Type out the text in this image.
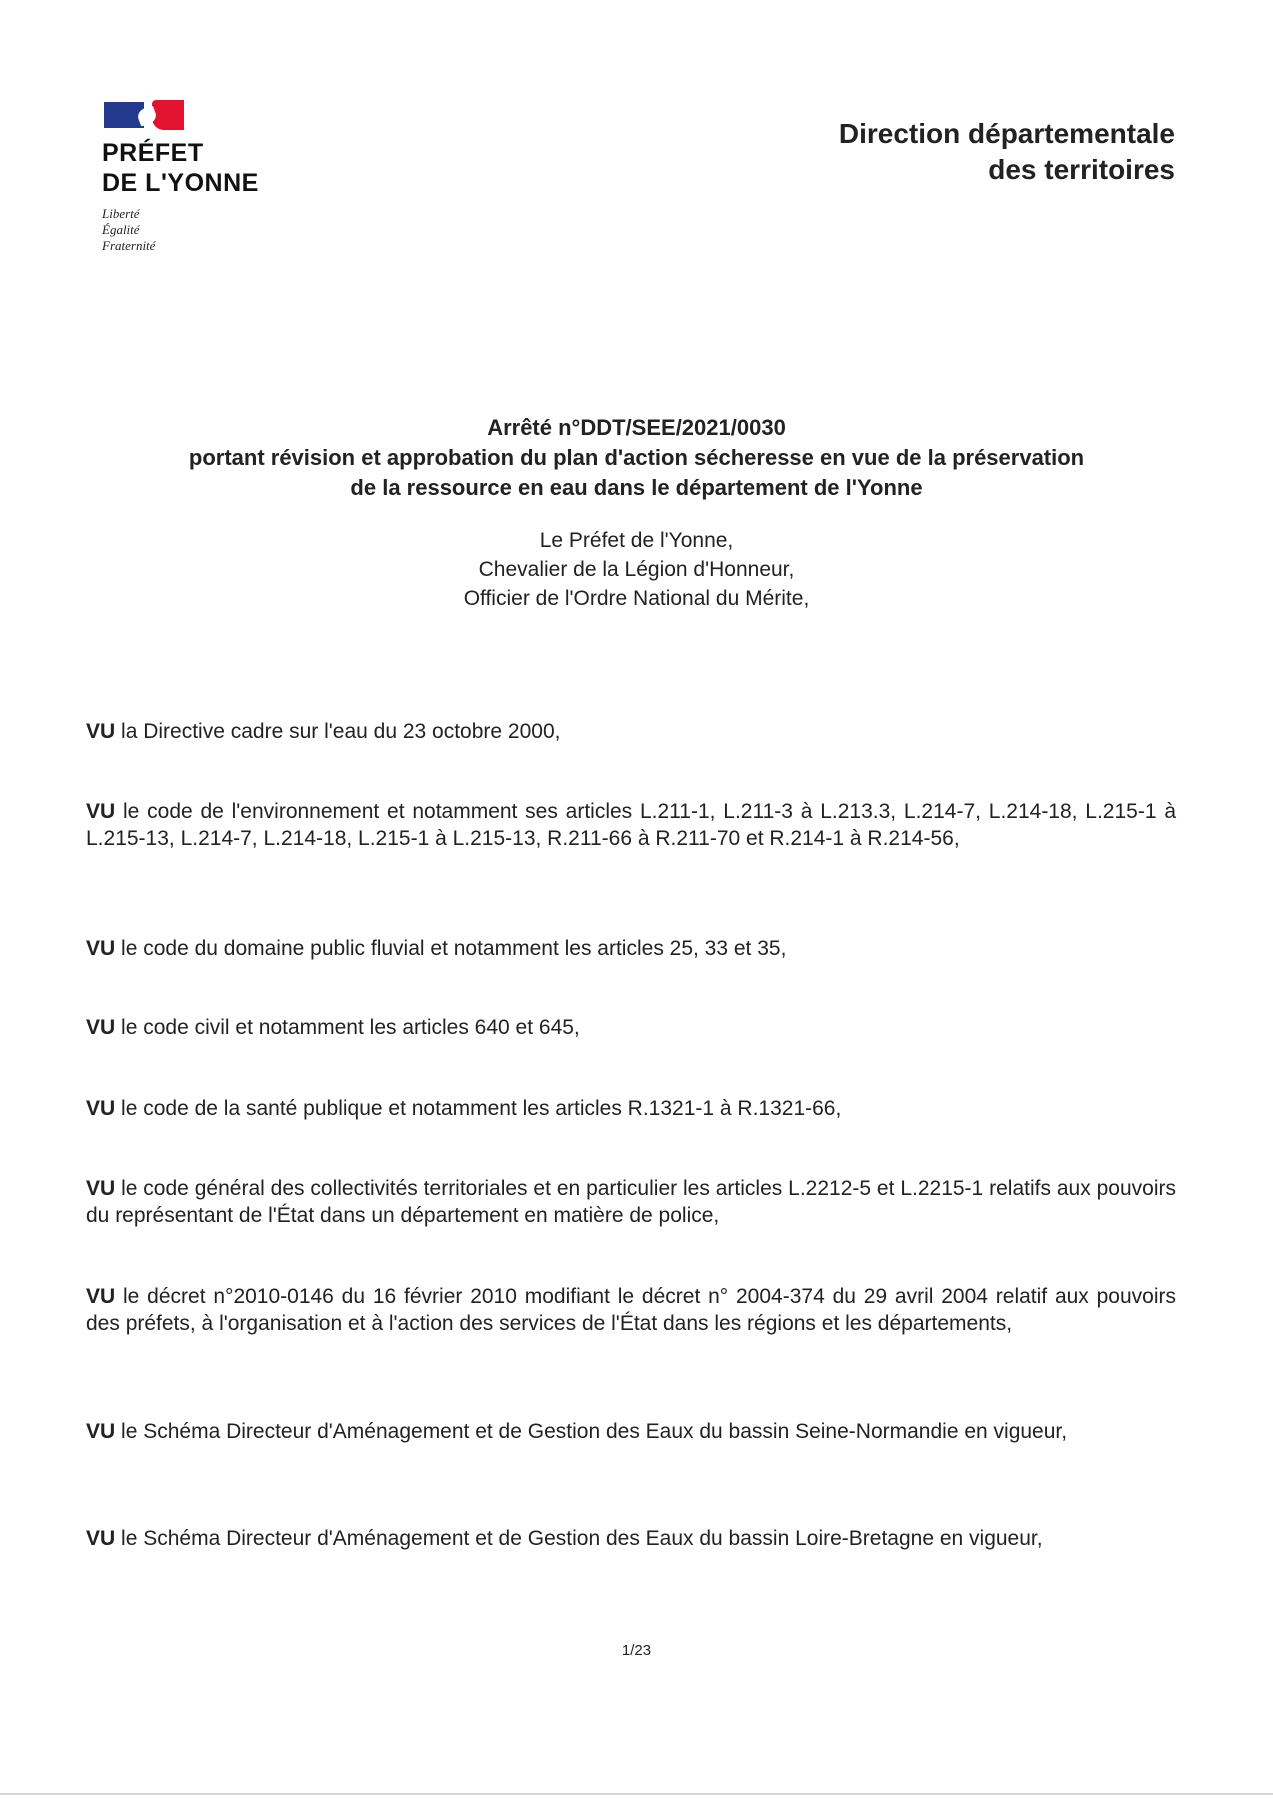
PRÉFET
DE L'YONNE
Liberté
Égalité
Fraternité
Direction départementale
des territoires
Arrêté n°DDT/SEE/2021/0030
portant révision et approbation du plan d'action sécheresse en vue de la préservation
de la ressource en eau dans le département de l'Yonne
Le Préfet de l'Yonne,
Chevalier de la Légion d'Honneur,
Officier de l'Ordre National du Mérite,
VU la Directive cadre sur l'eau du 23 octobre 2000,
VU le code de l'environnement et notamment ses articles L.211-1, L.211-3 à L.213.3, L.214-7, L.214-18, L.215-1 à L.215-13, L.214-7, L.214-18, L.215-1 à L.215-13, R.211-66 à R.211-70 et R.214-1 à R.214-56,
VU le code du domaine public fluvial et notamment les articles 25, 33 et 35,
VU le code civil et notamment les articles 640 et 645,
VU le code de la santé publique et notamment les articles R.1321-1 à R.1321-66,
VU le code général des collectivités territoriales et en particulier les articles L.2212-5 et L.2215-1 relatifs aux pouvoirs du représentant de l'État dans un département en matière de police,
VU le décret n°2010-0146 du 16 février 2010 modifiant le décret n° 2004-374 du 29 avril 2004 relatif aux pouvoirs des préfets, à l'organisation et à l'action des services de l'État dans les régions et les départements,
VU le Schéma Directeur d'Aménagement et de Gestion des Eaux du bassin Seine-Normandie en vigueur,
VU le Schéma Directeur d'Aménagement et de Gestion des Eaux du bassin Loire-Bretagne en vigueur,
1/23
